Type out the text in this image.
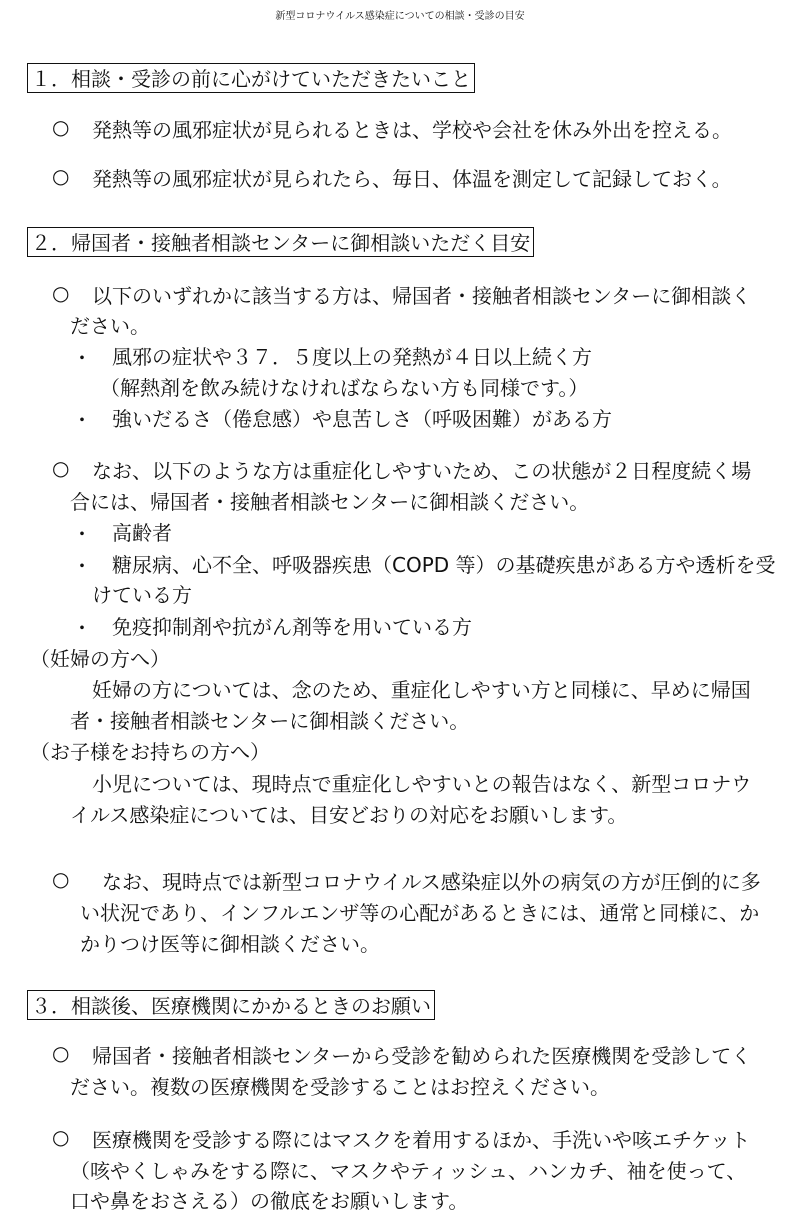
新型コロナウイルス感染症についての相談・受診の目安
１．相談・受診の前に心がけていただきたいこと
○ 発熱等の風邪症状が見られるときは、学校や会社を休み外出を控える。
○ 発熱等の風邪症状が見られたら、毎日、体温を測定して記録しておく。
２．帰国者・接触者相談センターに御相談いただく目安
○ 以下のいずれかに該当する方は、帰国者・接触者相談センターに御相談く
ださい。
・ 風邪の症状や３７．５度以上の発熱が４日以上続く方
（解熱剤を飲み続けなければならない方も同様です。）
・ 強いだるさ（倦怠感）や息苦しさ（呼吸困難）がある方
○ なお、以下のような方は重症化しやすいため、この状態が２日程度続く場
合には、帰国者・接触者相談センターに御相談ください。
・ 高齢者
・ 糖尿病、心不全、呼吸器疾患（COPD 等）の基礎疾患がある方や透析を受
けている方
・ 免疫抑制剤や抗がん剤等を用いている方
（妊婦の方へ）
妊婦の方については、念のため、重症化しやすい方と同様に、早めに帰国
者・接触者相談センターに御相談ください。
（お子様をお持ちの方へ）
小児については、現時点で重症化しやすいとの報告はなく、新型コロナウ
イルス感染症については、目安どおりの対応をお願いします。
○ なお、現時点では新型コロナウイルス感染症以外の病気の方が圧倒的に多
い状況であり、インフルエンザ等の心配があるときには、通常と同様に、か
かりつけ医等に御相談ください。
３．相談後、医療機関にかかるときのお願い
○ 帰国者・接触者相談センターから受診を勧められた医療機関を受診してく
ださい。複数の医療機関を受診することはお控えください。
○ 医療機関を受診する際にはマスクを着用するほか、手洗いや咳エチケット
（咳やくしゃみをする際に、マスクやティッシュ、ハンカチ、袖を使って、
口や鼻をおさえる）の徹底をお願いします。
